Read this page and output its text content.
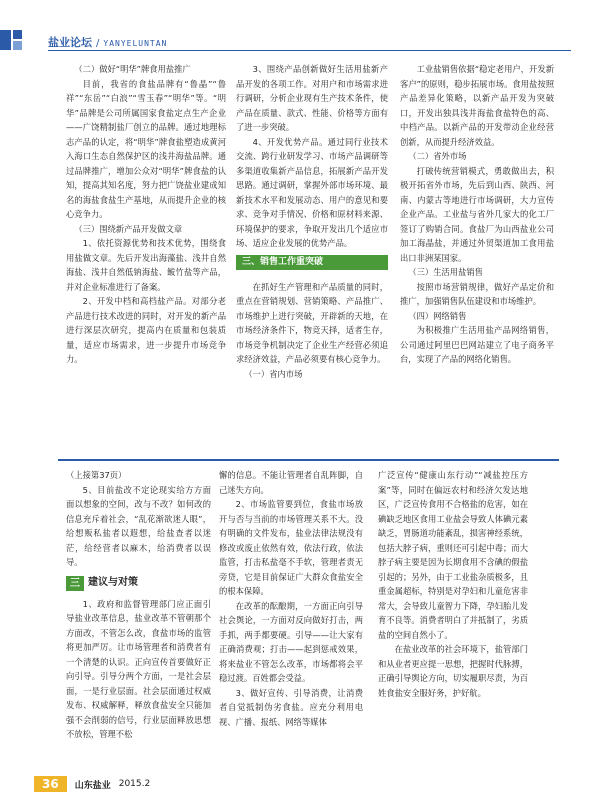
盐业论坛 / YANYELUNTAN

（二）做好“明华”牌食用盐推广

目前，我省的食盐品牌有“鲁晶”“鲁祥”“东岳”“白浪”“雪玉春”“明华”等。“明华”品牌是公司所属国家食盐定点生产企业——广饶精制盐厂创立的品牌。通过地理标志产品的认定，将“明华”牌食盐塑造成黄河入海口生态自然保护区的浅井海盐品牌。通过品牌推广，增加公众对“明华”牌食盐的认知，提高其知名度，努力把广饶盐业建成知名的海盐食盐生产基地，从而提升企业的核心竞争力。

（三）围绕新产品开发做文章

1、依托资源优势和技术优势，围绕食用盐做文章。先后开发出海藻盐、浅井自然海盐、浅井自然低钠海盐、鲅竹盐等产品，并对企业标准进行了备案。

2、开发中档和高档盐产品。对部分老产品进行技术改进的同时，对开发的新产品进行深层次研究，提高内在质量和包装质量，适应市场需求，进一步提升市场竞争力。

3、围绕产品创新做好生活用盐新产品开发的各项工作。对用户和市场需求进行调研，分析企业现有生产技术条件，使产品在质量、款式、性能、价格等方面有了进一步突破。

4、开发优势产品。通过同行业技术交流、跨行业研发学习、市场产品调研等多渠道收集新产品信息，拓展新产品开发思路。通过调研，掌握外部市场环境、最新技术水平和发展动态、用户的意见和要求、竞争对手情况、价格和原材料来源、环境保护的要求，争取开发出几个适应市场、适应企业发展的优势产品。

三、销售工作重突破

在抓好生产管理和产品质量的同时，重点在营销规划、营销策略、产品推广、市场维护上进行突破，开辟新的天地，在市场经济条件下，物竞天择，适者生存，市场竞争机制决定了企业生产经营必须追求经济效益，产品必须要有核心竞争力。

（一）省内市场

工业盐销售依据“稳定老用户，开发新客户”的原则，稳步拓展市场。食用盐按照产品差异化策略，以新产品开发为突破口，开发出独具浅井海盐食盐特色的高、中档产品。以新产品的开发带动企业经营创新，从而提升经济效益。

（二）省外市场

打破传统营销模式，勇敢做出去，积极开拓省外市场，先后到山西、陕西、河南、内蒙古等地进行市场调研，大力宣传企业产品。工业盐与省外几家大的化工厂签订了购销合同。食盐厂为山西盐业公司加工海晶盐，并通过外贸渠道加工食用盐出口非洲某国家。

（三）生活用盐销售

按照市场营销规律，做好产品定价和推广，加强销售队伍建设和市场维护。

（四）网络销售

为积极推广生活用盐产品网络销售，公司通过阿里巴巴网站建立了电子商务平台，实现了产品的网络化销售。

（上接第37页）

5、目前盐改不定论现实给方方面面以想象的空间，改与不改？如何改的信息充斥着社会，“乱花渐欲迷人眼”，给想贩私盐者以遐想，给盐查者以迷茫，给经营者以麻木，给消费者以误导。

三 建议与对策

1、政府和监督管理部门应正面引导盐业改革信息，盐业改革不管朝那个方面改，不管怎么改，食盐市场的监管将更加严厉。让市场管理者和消费者有一个清楚的认识。正向宣传首要做好正向引导。引导分两个方面，一是社会层面，一是行业层面。社会层面通过权威发布、权威解释，释放食盐安全只能加强不会削弱的信号，行业层面释放思想不放松，管理不松

懈的信息。不能让管理者自乱阵脚，自己迷失方向。

2、市场监管要到位，食盐市场放开与否与当前的市场管理关系不大。没有明确的文件发布，盐业法律法规没有修改或废止依然有效，依法行政，依法监管，打击私盐毫不手软，管理者责无旁贷，它是目前保证广大群众食盐安全的根本保障。

在改革的酝酿期，一方面正向引导社会舆论，一方面对反向做好打击，两手抓，两手都要硬。引导——让大家有正确消费观；打击——起到惩戒效果，将来盐业不管怎么改革，市场都将会平稳过渡。百姓都会受益。

3、做好宣传、引导消费，让消费者自觉抵制伪劣食盐。应充分利用电视、广播、报纸、网络等媒体

广泛宣传“健康山东行动”“减盐控压方案”等，同时在偏远农村和经济欠发达地区，广泛宣传食用不合格盐的危害，如在碘缺乏地区食用工业盐会导致人体碘元素缺乏，胃肠道功能紊乱，损害神经系统，包括大脖子病，重则还可引起中毒；而大脖子病主要是因为长期食用不含碘的假盐引起的；另外，由于工业盐杂质极多，且重金属超标，特别是对孕妇和儿童危害非常大，会导致儿童智力下降，孕妇胎儿发育不良等。消费者明白了并抵制了，劣质盐的空间自然小了。

在盐业改革的社会环境下，盐管部门和从业者更应提一思想，把握时代脉搏，正确引导舆论方向，切实履职尽责，为百姓食盐安全服好务，护好航。

36	山东盐业 2015.2
